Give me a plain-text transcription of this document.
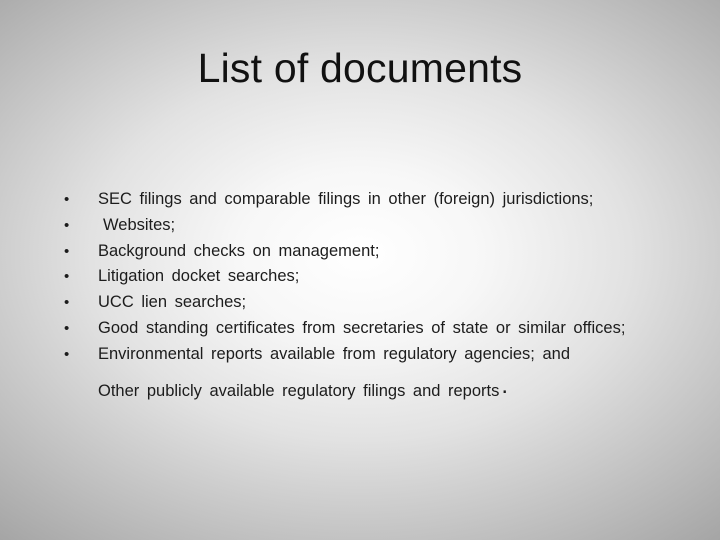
List of documents
•	SEC filings and comparable filings in other (foreign) jurisdictions;
•	Websites;
•	Background checks on management;
•	Litigation docket searches;
•	UCC lien searches;
•	Good standing certificates from secretaries of state or similar offices;
•	Environmental reports available from regulatory agencies; and
Other publicly available regulatory filings and reports.
